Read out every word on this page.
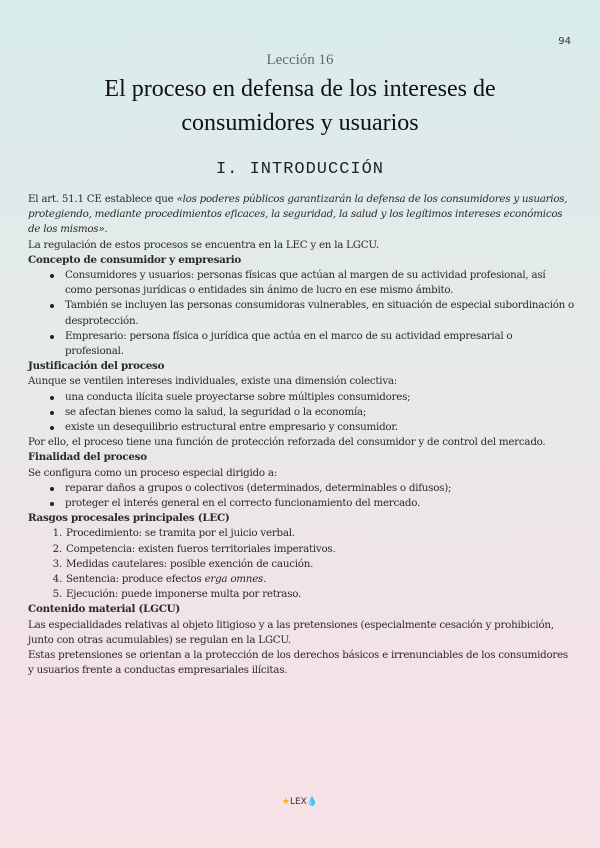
94
Lección 16
El proceso en defensa de los intereses de consumidores y usuarios
I. INTRODUCCIÓN

El art. 51.1 CE establece que «los poderes públicos garantizarán la defensa de los consumidores y usuarios, protegiendo, mediante procedimientos eficaces, la seguridad, la salud y los legítimos intereses económicos de los mismos».

La regulación de estos procesos se encuentra en la LEC y en la LGCU.

Concepto de consumidor y empresario

Consumidores y usuarios: personas físicas que actúan al margen de su actividad profesional, así como personas jurídicas o entidades sin ánimo de lucro en ese mismo ámbito.
También se incluyen las personas consumidoras vulnerables, en situación de especial subordinación o desprotección.
Empresario: persona física o jurídica que actúa en el marco de su actividad empresarial o profesional.

Justificación del proceso

Aunque se ventilen intereses individuales, existe una dimensión colectiva:

una conducta ilícita suele proyectarse sobre múltiples consumidores;
se afectan bienes como la salud, la seguridad o la economía;
existe un desequilibrio estructural entre empresario y consumidor.

Por ello, el proceso tiene una función de protección reforzada del consumidor y de control del mercado.

Finalidad del proceso

Se configura como un proceso especial dirigido a:

reparar daños a grupos o colectivos (determinados, determinables o difusos);
proteger el interés general en el correcto funcionamiento del mercado.

Rasgos procesales principales (LEC)

1. Procedimiento: se tramita por el juicio verbal.
2. Competencia: existen fueros territoriales imperativos.
3. Medidas cautelares: posible exención de caución.
4. Sentencia: produce efectos erga omnes.
5. Ejecución: puede imponerse multa por retraso.

Contenido material (LGCU)

Las especialidades relativas al objeto litigioso y a las pretensiones (especialmente cesación y prohibición, junto con otras acumulables) se regulan en la LGCU.

Estas pretensiones se orientan a la protección de los derechos básicos e irrenunciables de los consumidores y usuarios frente a conductas empresariales ilícitas.

★LEX💧
